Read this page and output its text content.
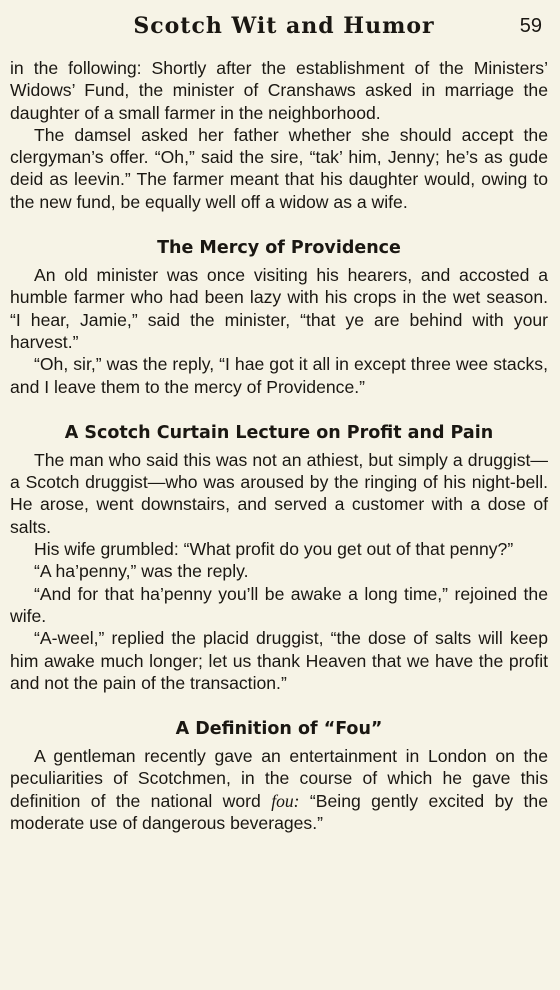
Scotch Wit and Humor	59

in the following: Shortly after the establishment of the Ministers’ Widows’ Fund, the minister of Cranshaws asked in marriage the daughter of a small farmer in the neighborhood.

The damsel asked her father whether she should accept the clergyman’s offer. “Oh,” said the sire, “tak’ him, Jenny; he’s as gude deid as leevin.” The farmer meant that his daughter would, owing to the new fund, be equally well off a widow as a wife.

The Mercy of Providence

An old minister was once visiting his hearers, and accosted a humble farmer who had been lazy with his crops in the wet season. “I hear, Jamie,” said the minister, “that ye are behind with your harvest.”

“Oh, sir,” was the reply, “I hae got it all in except three wee stacks, and I leave them to the mercy of Providence.”

A Scotch Curtain Lecture on Profit and Pain

The man who said this was not an athiest, but simply a druggist—a Scotch druggist—who was aroused by the ringing of his night-bell. He arose, went downstairs, and served a customer with a dose of salts.

His wife grumbled: “What profit do you get out of that penny?”

“A ha’penny,” was the reply.

“And for that ha’penny you’ll be awake a long time,” rejoined the wife.

“A-weel,” replied the placid druggist, “the dose of salts will keep him awake much longer; let us thank Heaven that we have the profit and not the pain of the transaction.”

A Definition of “Fou”

A gentleman recently gave an entertainment in London on the peculiarities of Scotchmen, in the course of which he gave this definition of the national word fou: “Being gently excited by the moderate use of dangerous beverages.”
